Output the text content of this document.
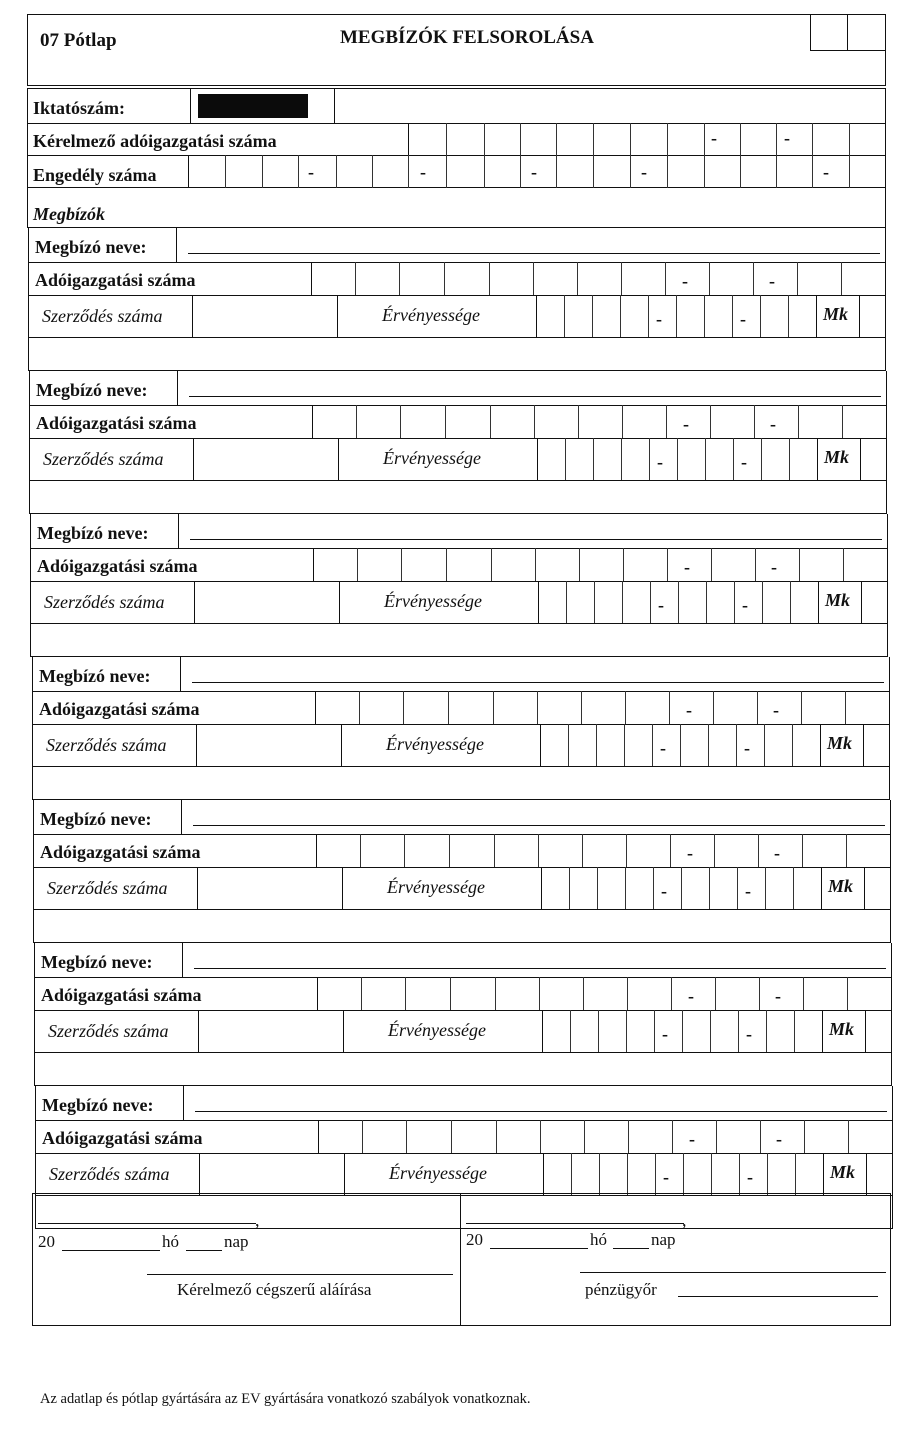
07 Pótlap	MEGBÍZÓK FELSOROLÁSA
Iktatószám:
Kérelmező adóigazgatási száma	-	-
Engedély száma	-	-	-	-	-
Megbízók
Megbízó neve:
Adóigazgatási száma	-	-
Szerződés száma	Érvényessége	-	-	Mk
Megbízó neve:
Adóigazgatási száma	-	-
Szerződés száma	Érvényessége	-	-	Mk
Megbízó neve:
Adóigazgatási száma	-	-
Szerződés száma	Érvényessége	-	-	Mk
Megbízó neve:
Adóigazgatási száma	-	-
Szerződés száma	Érvényessége	-	-	Mk
Megbízó neve:
Adóigazgatási száma	-	-
Szerződés száma	Érvényessége	-	-	Mk
Megbízó neve:
Adóigazgatási száma	-	-
Szerződés száma	Érvényessége	-	-	Mk
Megbízó neve:
Adóigazgatási száma	-	-
Szerződés száma	Érvényessége	-	-	Mk
,
20	hó	nap
Kérelmező cégszerű aláírása
,
20	hó	nap
pénzügyőr
Az adatlap és pótlap gyártására az EV gyártására vonatkozó szabályok vonatkoznak.
